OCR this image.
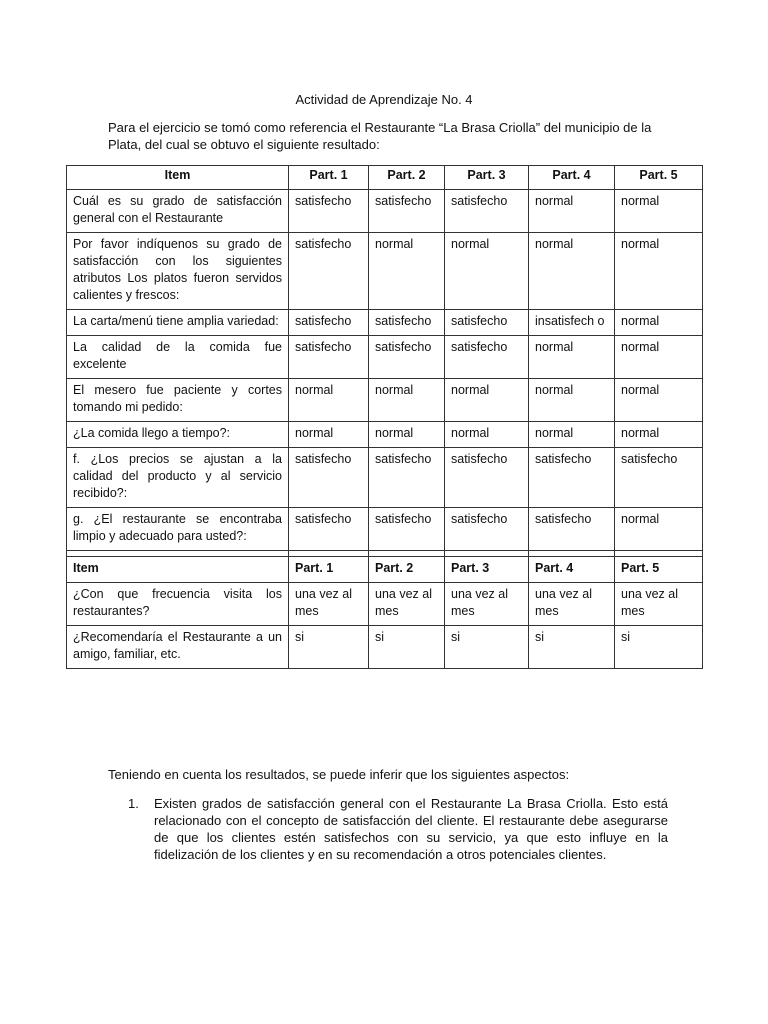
Actividad de Aprendizaje No. 4
Para el ejercicio se tomó como referencia el Restaurante “La Brasa Criolla” del municipio de la Plata, del cual se obtuvo el siguiente resultado:
Item	Part. 1	Part. 2	Part. 3	Part. 4	Part. 5
Cuál es su grado de satisfacción general con el Restaurante	satisfecho	satisfecho	satisfecho	normal	normal
Por favor indíquenos su grado de satisfacción con los siguientes atributos Los platos fueron servidos calientes y frescos:	satisfecho	normal	normal	normal	normal
La carta/menú tiene amplia variedad:	satisfecho	satisfecho	satisfecho	insatisfech o	normal
La calidad de la comida fue excelente	satisfecho	satisfecho	satisfecho	normal	normal
El mesero fue paciente y cortes tomando mi pedido:	normal	normal	normal	normal	normal
¿La comida llego a tiempo?:	normal	normal	normal	normal	normal
f. ¿Los precios se ajustan a la calidad del producto y al servicio recibido?:	satisfecho	satisfecho	satisfecho	satisfecho	satisfecho
g. ¿El restaurante se encontraba limpio y adecuado para usted?:	satisfecho	satisfecho	satisfecho	satisfecho	normal

Item	Part. 1	Part. 2	Part. 3	Part. 4	Part. 5
¿Con que frecuencia visita los restaurantes?	una vez al mes	una vez al mes	una vez al mes	una vez al mes	una vez al mes
¿Recomendaría el Restaurante a un amigo, familiar, etc.	si	si	si	si	si
Teniendo en cuenta los resultados, se puede inferir que los siguientes aspectos:
1.	Existen grados de satisfacción general con el Restaurante La Brasa Criolla. Esto está relacionado con el concepto de satisfacción del cliente. El restaurante debe asegurarse de que los clientes estén satisfechos con su servicio, ya que esto influye en la fidelización de los clientes y en su recomendación a otros potenciales clientes.
